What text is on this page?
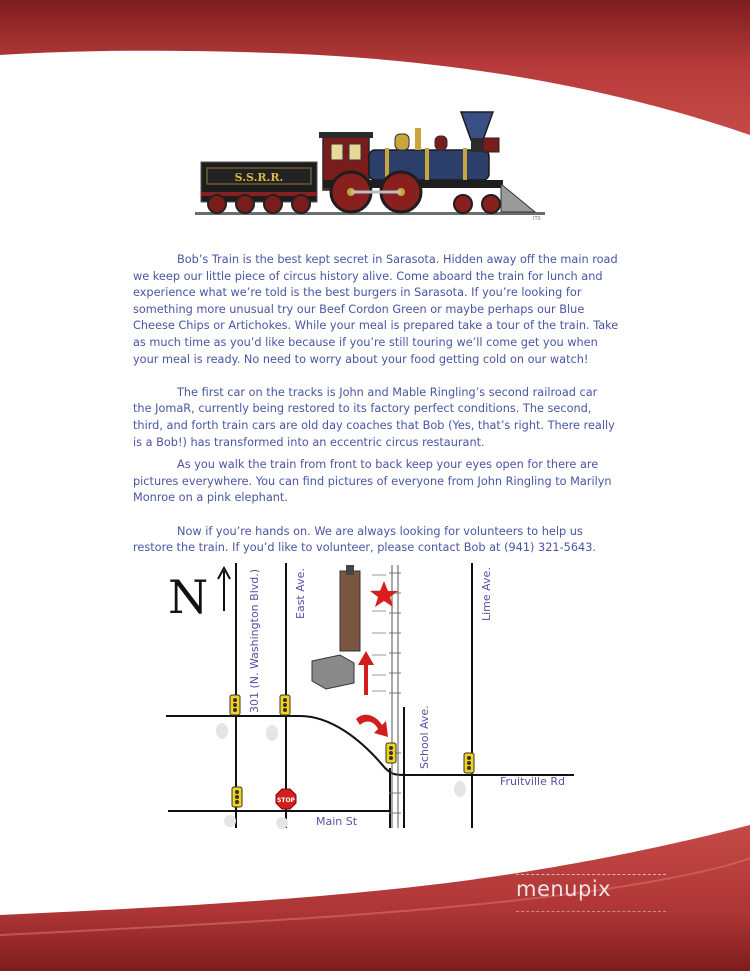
S.S.R.R.
ITS

Bob’s Train is the best kept secret in Sarasota. Hidden away off the main road we keep our little piece of circus history alive. Come aboard the train for lunch and experience what we’re told is the best burgers in Sarasota. If you’re looking for something more unusual try our Beef Cordon Green or maybe perhaps our Blue Cheese Chips or Artichokes. While your meal is prepared take a tour of the train. Take as much time as you’d like because if you’re still touring we’ll come get you when your meal is ready. No need to worry about your food getting cold on our watch!

The first car on the tracks is John and Mable Ringling’s second railroad car the JomaR, currently being restored to its factory perfect conditions. The second, third, and forth train cars are old day coaches that Bob (Yes, that’s right. There really is a Bob!) has transformed into an eccentric circus restaurant.

As you walk the train from front to back keep your eyes open for there are pictures everywhere. You can find pictures of everyone from John Ringling to Marilyn Monroe on a pink elephant.

Now if you’re hands on. We are always looking for volunteers to help us restore the train. If you’d like to volunteer, please contact Bob at (941) 321-5643.

N
STOP
301 (N. Washington Blvd.)	East Ave.	Lime Ave.
School Ave.
Fruitville Rd
Main St
menupix
